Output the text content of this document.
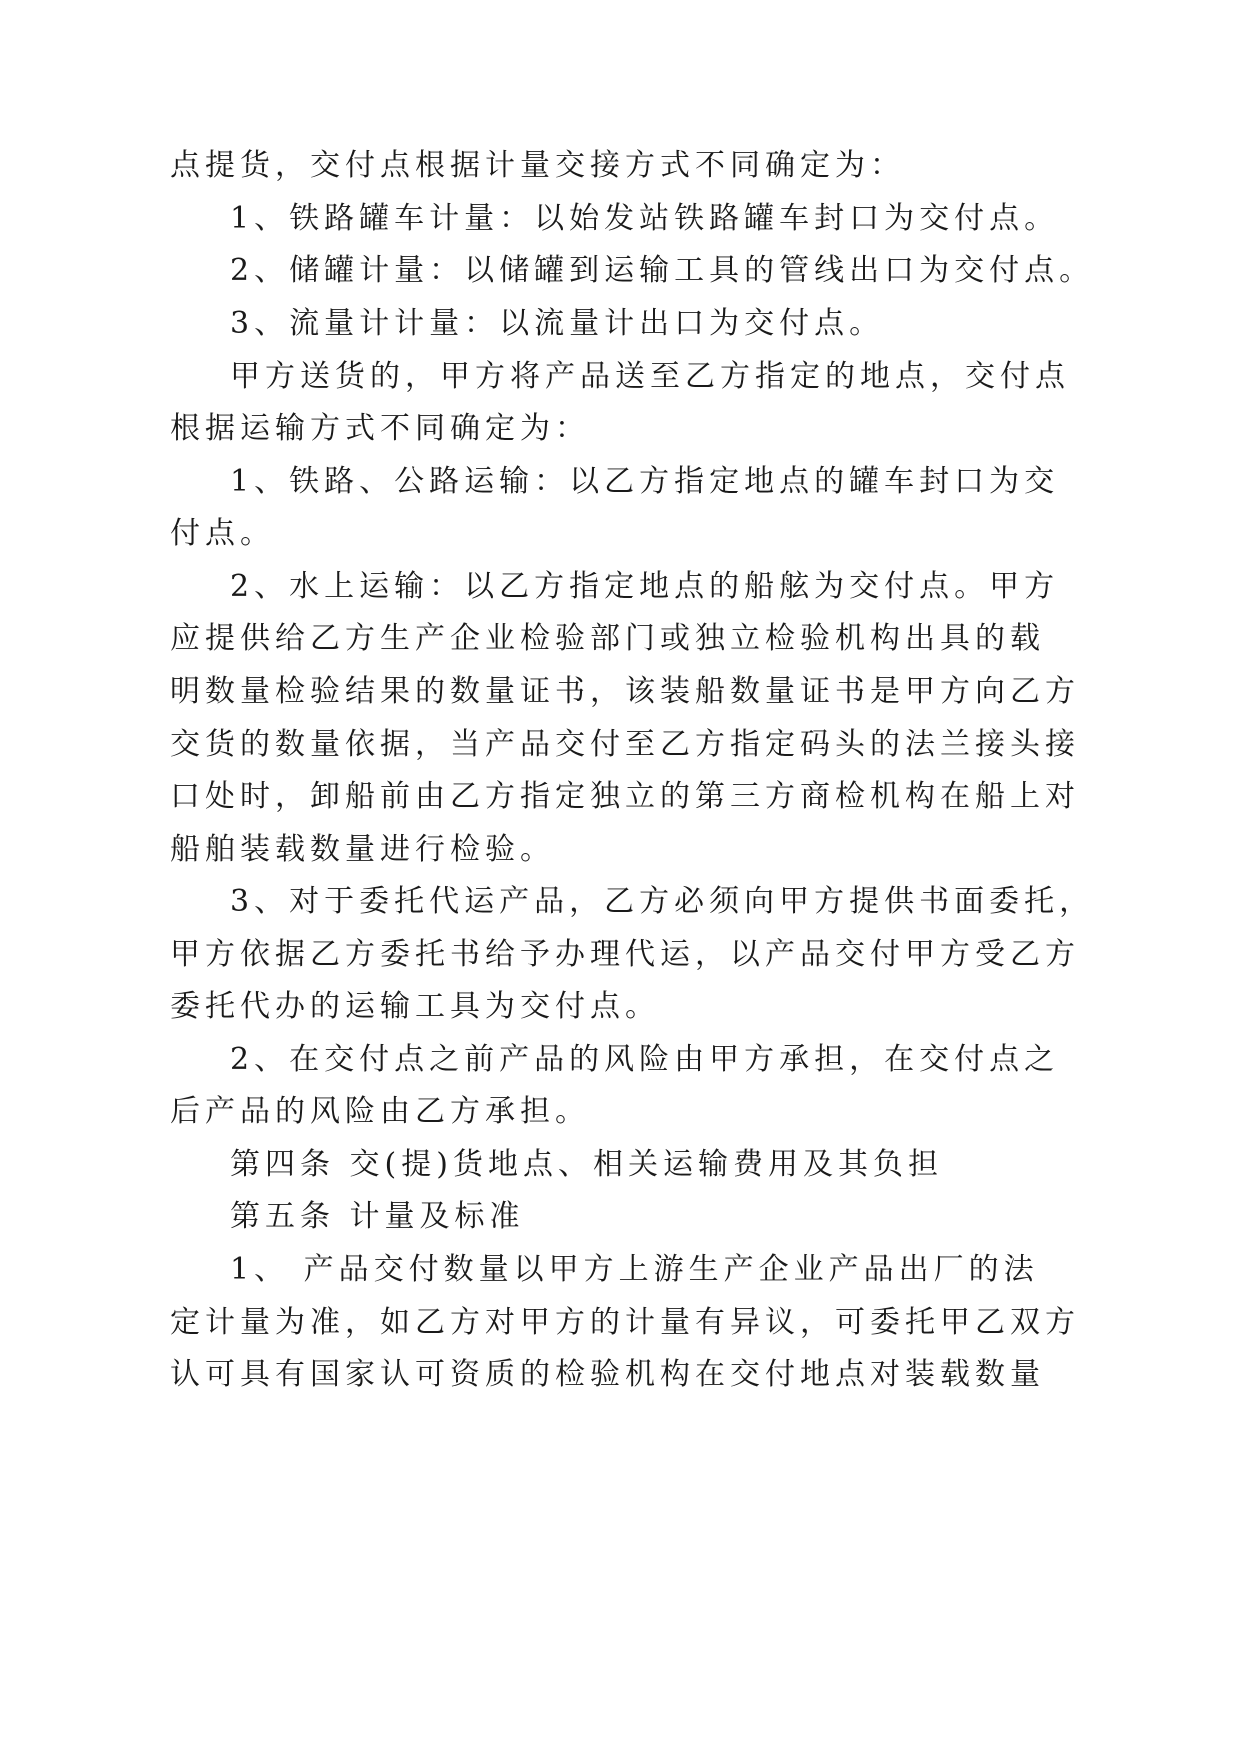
点提货，交付点根据计量交接方式不同确定为：
1、铁路罐车计量：以始发站铁路罐车封口为交付点。
2、储罐计量：以储罐到运输工具的管线出口为交付点。
3、流量计计量：以流量计出口为交付点。
甲方送货的，甲方将产品送至乙方指定的地点，交付点
根据运输方式不同确定为：
1、铁路、公路运输：以乙方指定地点的罐车封口为交
付点。
2、水上运输：以乙方指定地点的船舷为交付点。甲方
应提供给乙方生产企业检验部门或独立检验机构出具的载
明数量检验结果的数量证书，该装船数量证书是甲方向乙方
交货的数量依据，当产品交付至乙方指定码头的法兰接头接
口处时，卸船前由乙方指定独立的第三方商检机构在船上对
船舶装载数量进行检验。
3、对于委托代运产品，乙方必须向甲方提供书面委托，
甲方依据乙方委托书给予办理代运，以产品交付甲方受乙方
委托代办的运输工具为交付点。
2、在交付点之前产品的风险由甲方承担，在交付点之
后产品的风险由乙方承担。
第四条 交(提)货地点、相关运输费用及其负担
第五条 计量及标准
1、 产品交付数量以甲方上游生产企业产品出厂的法
定计量为准，如乙方对甲方的计量有异议，可委托甲乙双方
认可具有国家认可资质的检验机构在交付地点对装载数量
